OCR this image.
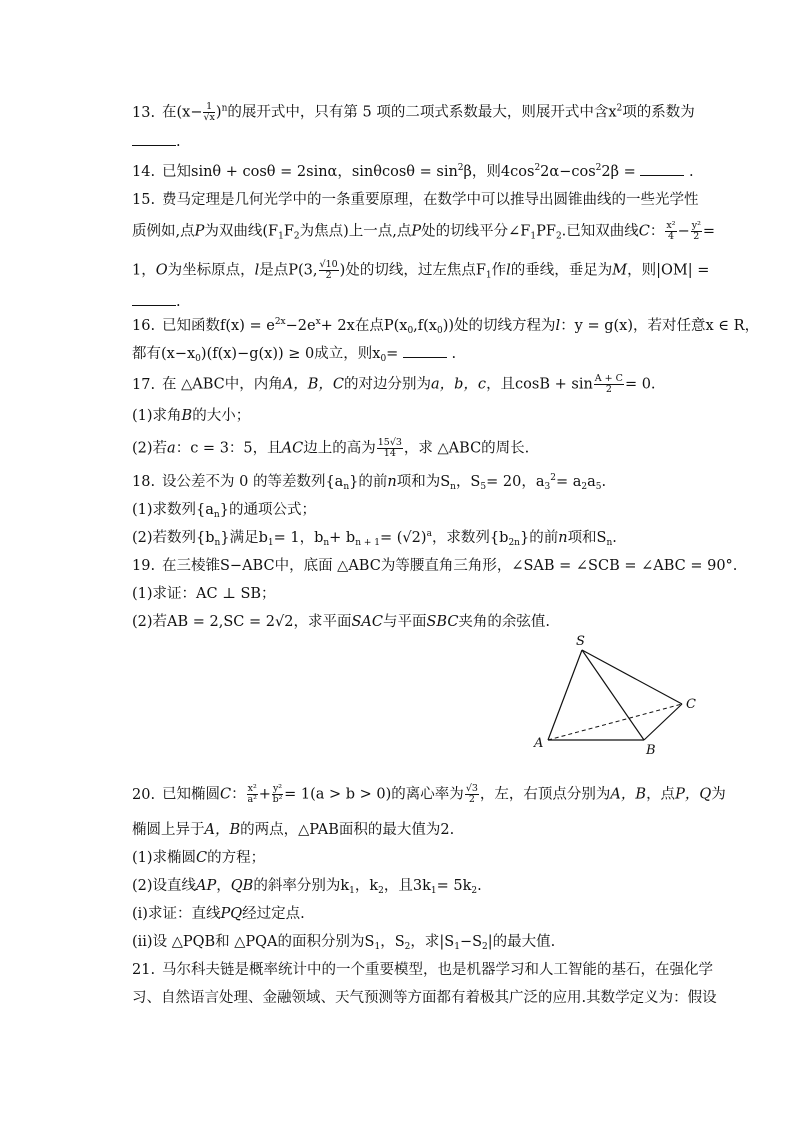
13. 在$(x- \frac{1}{√x} )^n$的展开式中，只有第 5 项的二项式系数最大，则展开式中含$x^2$项的系数为
.
14. 已知sinθ + cosθ = 2sinα，$\sin\theta\cos\theta = \sin^2\beta$，则$4\cos^22\alpha-\cos^22\beta$ =	.
15. 费马定理是几何光学中的一条重要原理，在数学中可以推导出圆锥曲线的一些光学性
质例如,点P为双曲线($F_1F_2$为焦点)上一点,点P处的切线平分$\angle F_1PF_2$.已知双曲线C： $\frac{\text{x²}}{4} - \frac{\text{y²}}{2}$ =
1，O为坐标原点，l是点P(3, $\frac{√10}{2}$ )处的切线，过左焦点$F_1$作l的垂线，垂足为M，则|OM| =
.
16. 已知函数$f(x) = e^{2x}-2e^x+ 2x$在点$P(x_0,f(x_0))$处的切线方程为l：y = g(x)，若对任意x ∈ R，
都有$(x-x_0)(f(x)-g(x)) \ge 0$成立，则$x_0=$	.
17. 在 △ABC中，内角A，B，C的对边分别为a，b，c，且$\cos B + \sin \frac{A + C}{2} = 0$.
(1)求角B的大小；
(2)若a：c = 3：5，且AC边上的高为 $\frac{15√3}{14}$ ，求 △ABC的周长.
18. 设公差不为 0 的等差数列$\{a_n\}$的前n项和为$S_n$，$S_5= 20$，$a_3^2= a_2a_5$.
(1)求数列$\{a_n\}$的通项公式；
(2)若数列$\{b_n\}$满足$b_1= 1$，$b_n+ b_{n + 1}= (√2)^a$，求数列$\{b_{2n}\}$的前n项和$S_n$.
19. 在三棱锥S−ABC中，底面 △ABC为等腰直角三角形，∠SAB = ∠SCB = ∠ABC = 90°.
(1)求证：AC ⊥ SB；
(2)若AB = 2,SC = 2√2，求平面SAC与平面SBC夹角的余弦值.
S
A	B
C
20. 已知椭圆C： $\frac{\text{x²}}{\text{a²}} + \frac{\text{y²}}{\text{b²}} = 1(a > b > 0)$的离心率为 $\frac{√3}{2}$ ，左，右顶点分别为A，B，点P，Q为
椭圆上异于A，B的两点，△PAB面积的最大值为2.
(1)求椭圆C的方程；
(2)设直线AP，QB的斜率分别为$k_1$，$k_2$，且$3k_1= 5k_2$.
(i)求证：直线PQ经过定点.
(ii)设 △PQB和 △PQA的面积分别为$S_1$，$S_2$，求$|S_1-S_2|$的最大值.
21. 马尔科夫链是概率统计中的一个重要模型，也是机器学习和人工智能的基石，在强化学
习、自然语言处理、金融领域、天气预测等方面都有着极其广泛的应用.其数学定义为：假设
